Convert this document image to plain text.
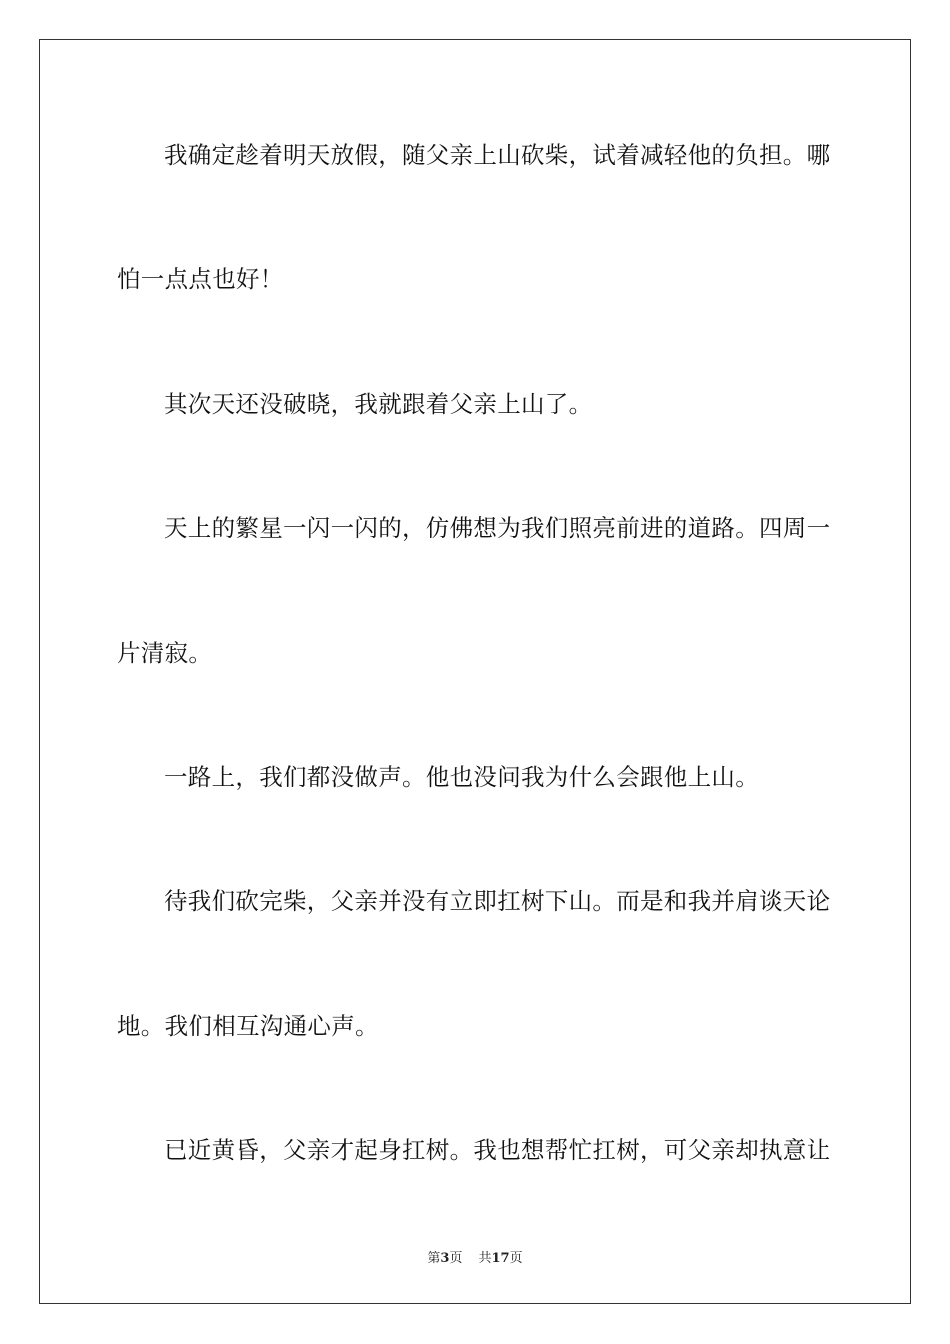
我确定趁着明天放假，随父亲上山砍柴，试着减轻他的负担。哪
怕一点点也好！
其次天还没破晓，我就跟着父亲上山了。
天上的繁星一闪一闪的，仿佛想为我们照亮前进的道路。四周一
片清寂。
一路上，我们都没做声。他也没问我为什么会跟他上山。
待我们砍完柴，父亲并没有立即扛树下山。而是和我并肩谈天论
地。我们相互沟通心声。
已近黄昏，父亲才起身扛树。我也想帮忙扛树，可父亲却执意让
第3页 共17页
